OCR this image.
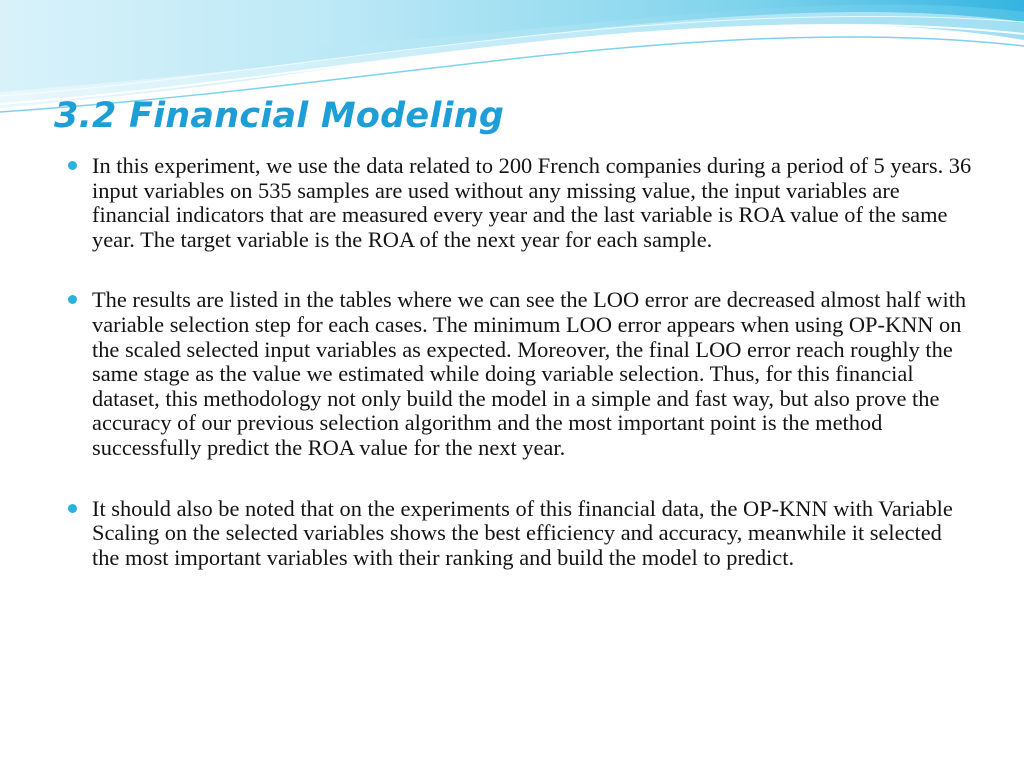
3.2 Financial Modeling
In this experiment, we use the data related to 200 French companies during a period of 5 years. 36 input variables on 535 samples are used without any missing value, the input variables are financial indicators that are measured every year and the last variable is ROA value of the same year. The target variable is the ROA of the next year for each sample.
The results are listed in the tables where we can see the LOO error are decreased almost half with variable selection step for each cases. The minimum LOO error appears when using OP-KNN on the scaled selected input variables as expected. Moreover, the final LOO error reach roughly the same stage as the value we estimated while doing variable selection. Thus, for this financial dataset, this methodology not only build the model in a simple and fast way, but also prove the accuracy of our previous selection algorithm and the most important point is the method successfully predict the ROA value for the next year.
It should also be noted that on the experiments of this financial data, the OP-KNN with Variable Scaling on the selected variables shows the best efficiency and accuracy, meanwhile it selected the most important variables with their ranking and build the model to predict.
